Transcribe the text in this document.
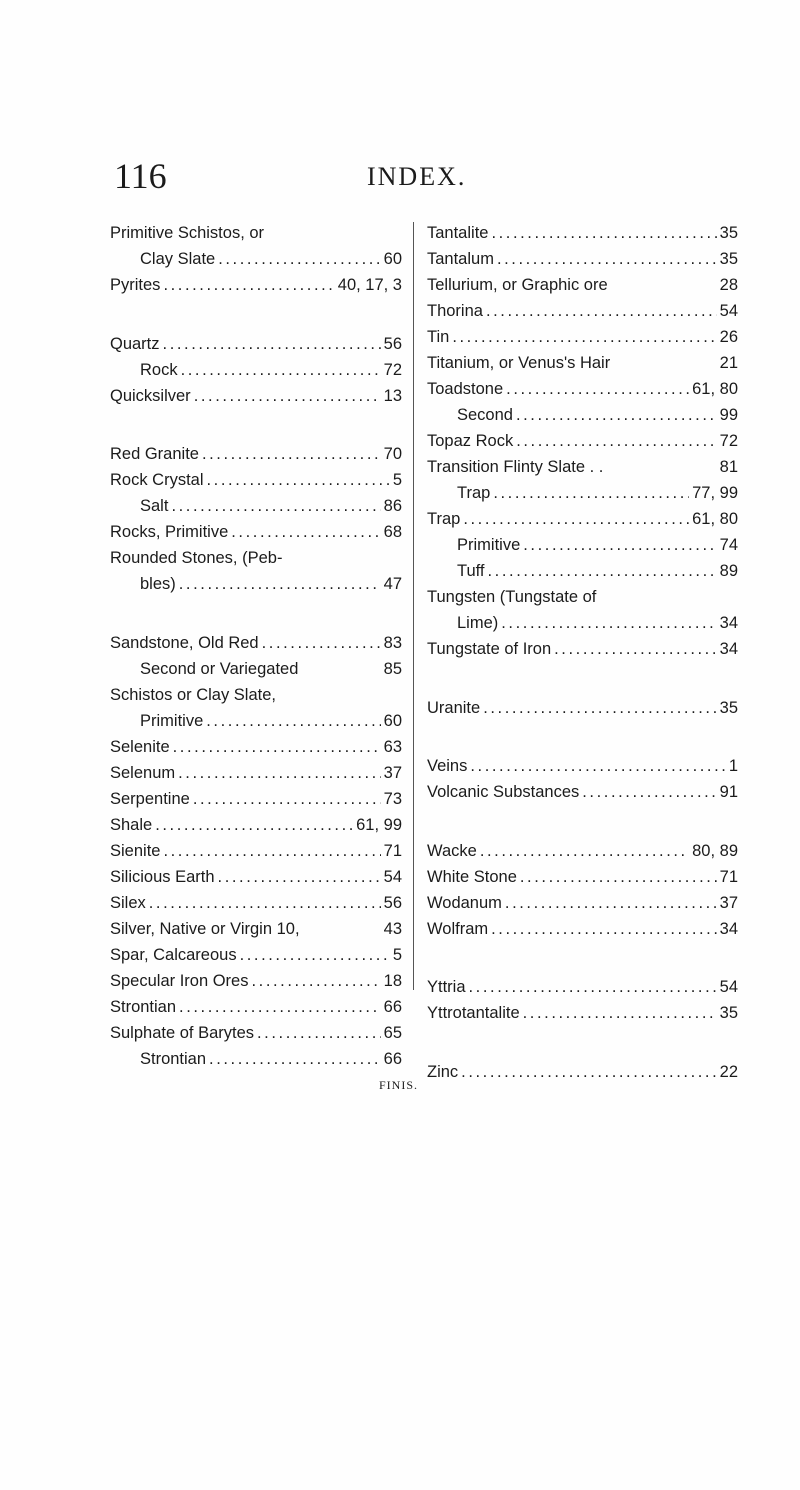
116	INDEX.
Primitive Schistos, or
Clay Slate . . .	60
Pyrites . . .	40, 17, 3
Quartz . . .	56
Rock . . .	72
Quicksilver . . .	13
Red Granite . . .	70
Rock Crystal . . .	5
Salt . . .	86
Rocks, Primitive . . .	68
Rounded Stones, (Peb-
bles) . . .	47
Sandstone, Old Red . . .	83
Second or Variegated	85
Schistos or Clay Slate,
Primitive . . .	60
Selenite . . .	63
Selenum . . .	37
Serpentine . . .	73
Shale . . .	61, 99
Sienite . . .	71
Silicious Earth . . .	54
Silex . . .	56
Silver, Native or Virgin 10,	43
Spar, Calcareous . . .	5
Specular Iron Ores . . .	18
Strontian . . .	66
Sulphate of Barytes . . .	65
Strontian . . .	66
Tantalite . . .	35
Tantalum . . .	35
Tellurium, or Graphic ore	28
Thorina . . .	54
Tin . . .	26
Titanium, or Venus's Hair	21
Toadstone . . .	61, 80
Second . . .	99
Topaz Rock . . .	72
Transition Flinty Slate . .	81
Trap . . .	77, 99
Trap . . .	61, 80
Primitive . . .	74
Tuff . . .	89
Tungsten (Tungstate of
Lime) . . .	34
Tungstate of Iron . . .	34
Uranite . . .	35
Veins . . .	1
Volcanic Substances . . .	91
Wacke . . .	80, 89
White Stone . . .	71
Wodanum . . .	37
Wolfram . . .	34
Yttria . . .	54
Yttrotantalite . . .	35
Zinc . . .	22
FINIS.
